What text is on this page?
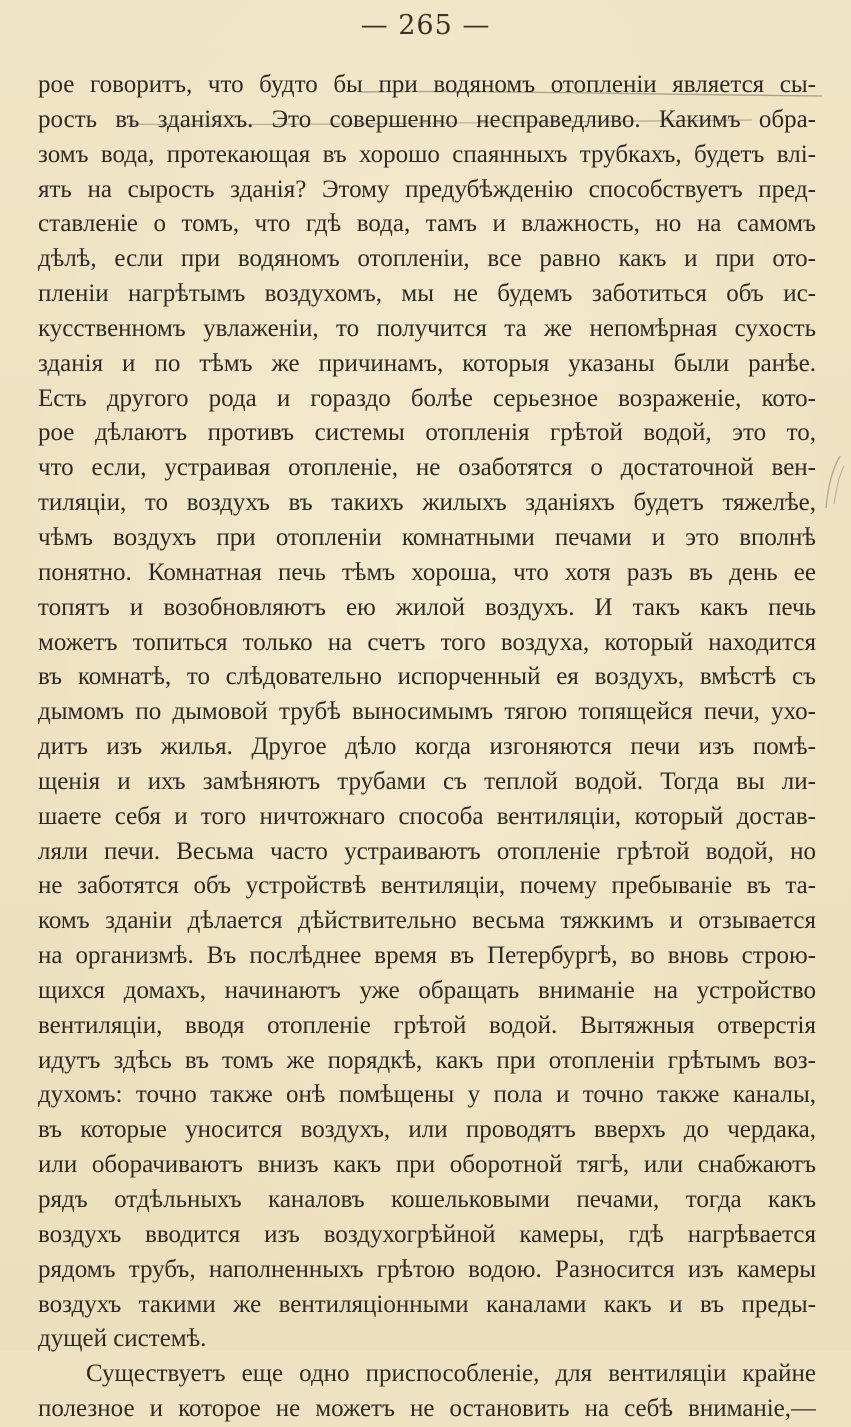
— 265 —
рое говоритъ, что будто бы при водяномъ отопленіи является сы-
рость въ зданіяхъ. Это совершенно несправедливо. Какимъ обра-
зомъ вода, протекающая въ хорошо спаянныхъ трубкахъ, будетъ влі-
ять на сырость зданія? Этому предубѣжденію способствуетъ пред-
ставленіе о томъ, что гдѣ вода, тамъ и влажность, но на самомъ
дѣлѣ, если при водяномъ отопленіи, все равно какъ и при ото-
пленіи нагрѣтымъ воздухомъ, мы не будемъ заботиться объ ис-
кусственномъ увлаженіи, то получится та же непомѣрная сухость
зданія и по тѣмъ же причинамъ, которыя указаны были ранѣе.
Есть другого рода и гораздо болѣе серьезное возраженіе, кото-
рое дѣлаютъ противъ системы отопленія грѣтой водой, это то,
что если, устраивая отопленіе, не озаботятся о достаточной вен-
тиляціи, то воздухъ въ такихъ жилыхъ зданіяхъ будетъ тяжелѣе,
чѣмъ воздухъ при отопленіи комнатными печами и это вполнѣ
понятно. Комнатная печь тѣмъ хороша, что хотя разъ въ день ее
топятъ и возобновляютъ ею жилой воздухъ. И такъ какъ печь
можетъ топиться только на счетъ того воздуха, который находится
въ комнатѣ, то слѣдовательно испорченный ея воздухъ, вмѣстѣ съ
дымомъ по дымовой трубѣ выносимымъ тягою топящейся печи, ухо-
дитъ изъ жилья. Другое дѣло когда изгоняются печи изъ помѣ-
щенія и ихъ замѣняютъ трубами съ теплой водой. Тогда вы ли-
шаете себя и того ничтожнаго способа вентиляціи, который достав-
ляли печи. Весьма часто устраиваютъ отопленіе грѣтой водой, но
не заботятся объ устройствѣ вентиляціи, почему пребываніе въ та-
комъ зданіи дѣлается дѣйствительно весьма тяжкимъ и отзывается
на организмѣ. Въ послѣднее время въ Петербургѣ, во вновь строю-
щихся домахъ, начинаютъ уже обращать вниманіе на устройство
вентиляціи, вводя отопленіе грѣтой водой. Вытяжныя отверстія
идутъ здѣсь въ томъ же порядкѣ, какъ при отопленіи грѣтымъ воз-
духомъ: точно также онѣ помѣщены у пола и точно также каналы,
въ которые уносится воздухъ, или проводятъ вверхъ до чердака,
или оборачиваютъ внизъ какъ при оборотной тягѣ, или снабжаютъ
рядъ отдѣльныхъ каналовъ кошельковыми печами, тогда какъ
воздухъ вводится изъ воздухогрѣйной камеры, гдѣ нагрѣвается
рядомъ трубъ, наполненныхъ грѣтою водою. Разносится изъ камеры
воздухъ такими же вентиляціонными каналами какъ и въ преды-
дущей системѣ.
Существуетъ еще одно приспособленіе, для вентиляціи крайне
полезное и которое не можетъ не остановить на себѣ вниманіе,—
